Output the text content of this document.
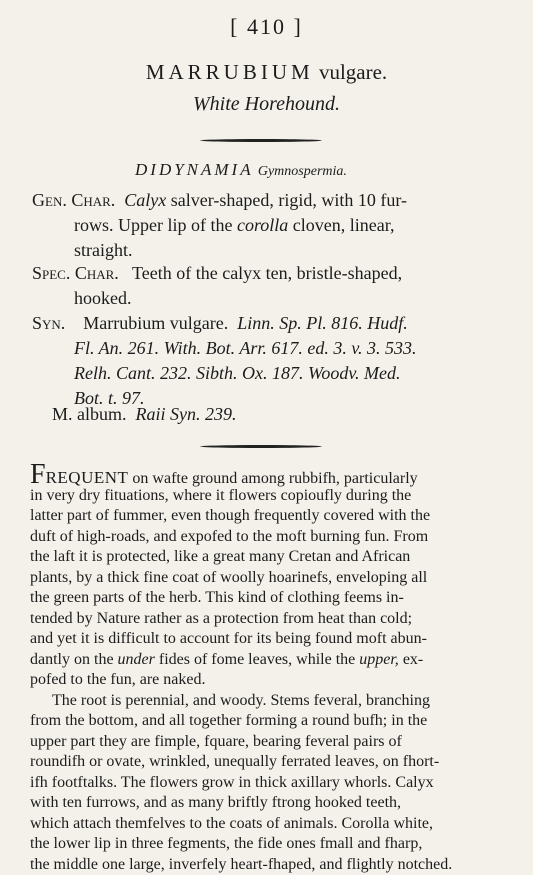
[ 410 ]
MARRUBIUM vulgare.
White Horehound.
DIDYNAMIA Gymnospermia.
Gen. Char. Calyx salver-shaped, rigid, with 10 fur-
rows. Upper lip of the corolla cloven, linear,
straight.
Spec. Char. Teeth of the calyx ten, bristle-shaped,
hooked.
Syn. Marrubium vulgare. Linn. Sp. Pl. 816. Hudf.
Fl. An. 261. With. Bot. Arr. 617. ed. 3. v. 3. 533.
Relh. Cant. 232. Sibth. Ox. 187. Woodv. Med.
Bot. t. 97.
M. album. Raii Syn. 239.
FREQUENT on wafte ground among rubbifh, particularly
in very dry fituations, where it flowers copioufly during the
latter part of fummer, even though frequently covered with the
duft of high-roads, and expofed to the moft burning fun. From
the laft it is protected, like a great many Cretan and African
plants, by a thick fine coat of woolly hoarinefs, enveloping all
the green parts of the herb. This kind of clothing feems in-
tended by Nature rather as a protection from heat than cold;
and yet it is difficult to account for its being found moft abun-
dantly on the under fides of fome leaves, while the upper, ex-
pofed to the fun, are naked.
The root is perennial, and woody. Stems feveral, branching
from the bottom, and all together forming a round bufh; in the
upper part they are fimple, fquare, bearing feveral pairs of
roundifh or ovate, wrinkled, unequally ferrated leaves, on fhort-
ifh footftalks. The flowers grow in thick axillary whorls. Calyx
with ten furrows, and as many briftly ftrong hooked teeth,
which attach themfelves to the coats of animals. Corolla white,
the lower lip in three fegments, the fide ones fmall and fharp,
the middle one large, inverfely heart-fhaped, and flightly notched.
